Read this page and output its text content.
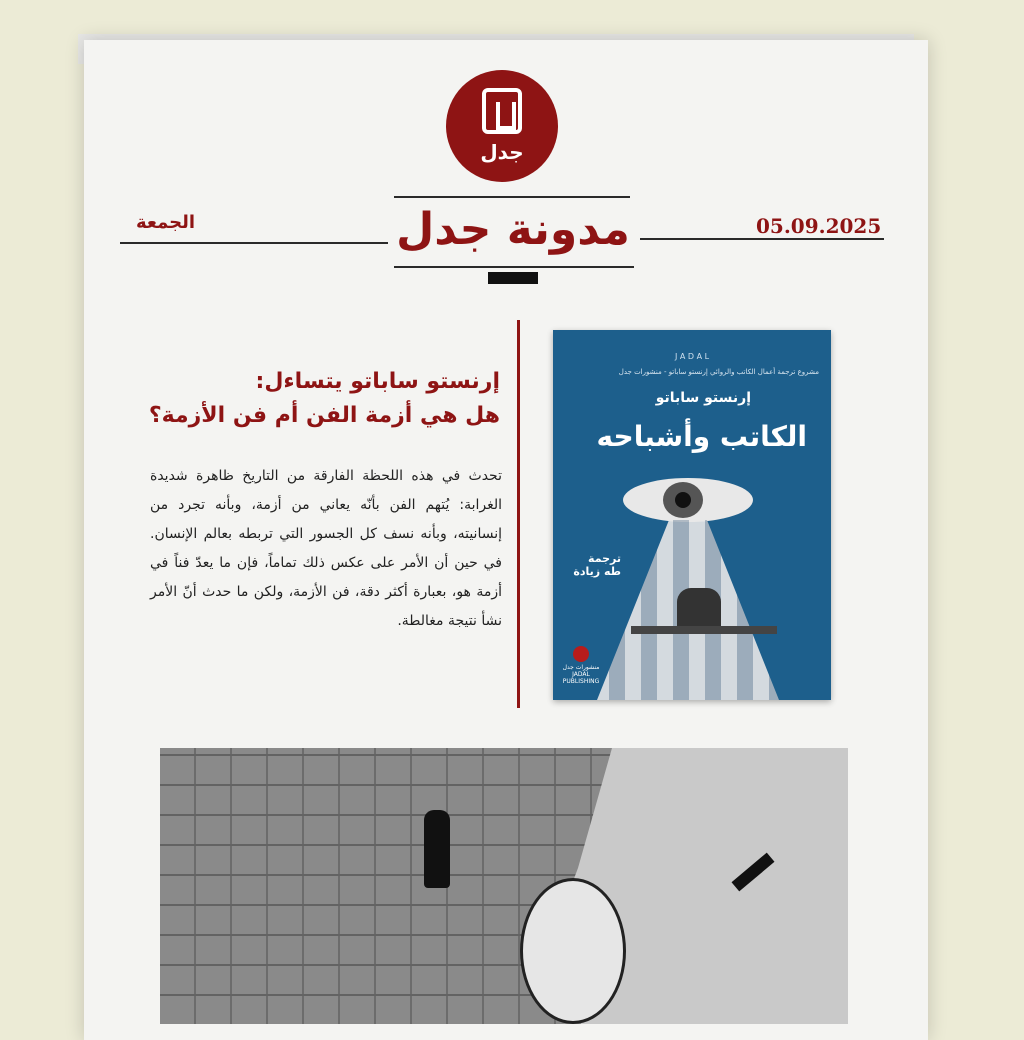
جدل
مدونة جدل
الجمعة	05.09.2025
إرنستو ساباتو يتساءل:
هل هي أزمة الفن أم فن الأزمة؟
تحدث في هذه اللحظة الفارقة من التاريخ ظاهرة شديدة الغرابة: يُتهم الفن بأنّه يعاني من أزمة، وبأنه تجرد من إنسانيته، وبأنه نسف كل الجسور التي تربطه بعالم الإنسان. في حين أن الأمر على عكس ذلك تماماً، فإن ما يعدّ فناً في أزمة هو، بعبارة أكثر دقة، فن الأزمة، ولكن ما حدث أنّ الأمر نشأ نتيجة مغالطة.
J A D A L
مشروع ترجمة أعمال الكاتب والروائي إرنستو ساباتو - منشورات جدل
إرنستو ساباتو
الكاتب وأشباحه
ترجمة
طه زيادة
منشورات جدل
JADAL PUBLISHING
